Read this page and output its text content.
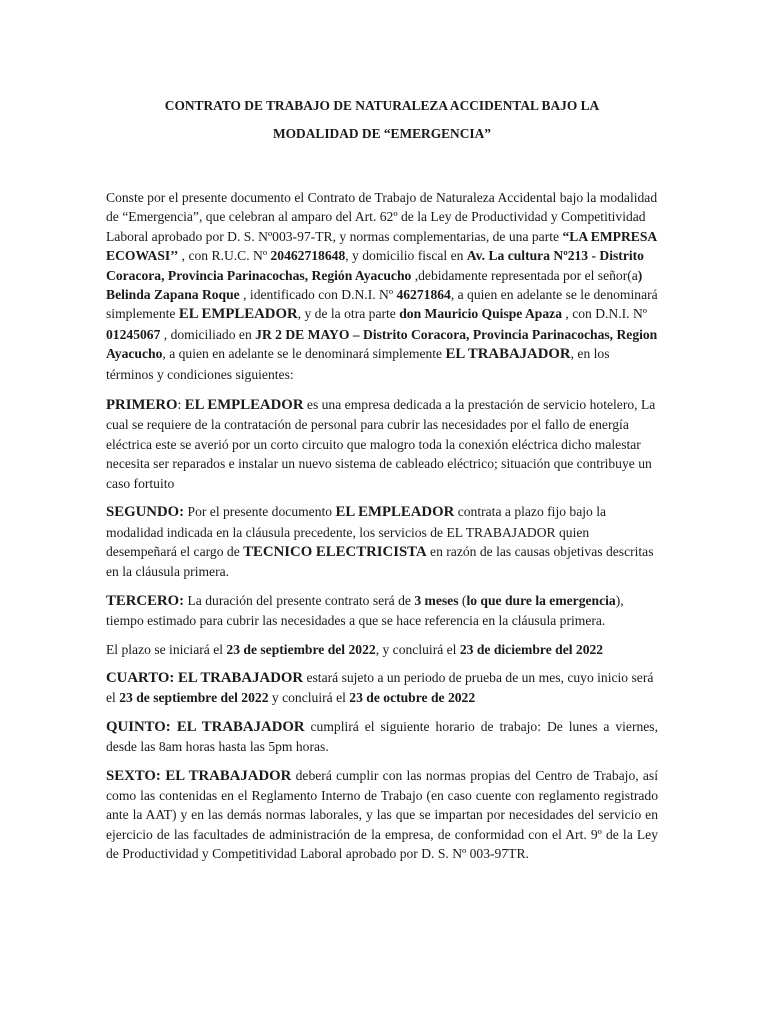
CONTRATO DE TRABAJO DE NATURALEZA ACCIDENTAL BAJO LA

MODALIDAD DE “EMERGENCIA”

Conste por el presente documento el Contrato de Trabajo de Naturaleza Accidental bajo la modalidad de “Emergencia”, que celebran al amparo del Art. 62º de la Ley de Productividad y Competitividad Laboral aprobado por D. S. Nº003-97-TR, y normas complementarias, de una parte “LA EMPRESA ECOWASI’’ , con R.U.C. Nº 20462718648, y domicilio fiscal en Av. La cultura Nº213 - Distrito Coracora, Provincia Parinacochas, Región Ayacucho ,debidamente representada por el señor(a) Belinda Zapana Roque , identificado con D.N.I. Nº 46271864, a quien en adelante se le denominará simplemente EL EMPLEADOR, y de la otra parte don Mauricio Quispe Apaza , con D.N.I. Nº 01245067 , domiciliado en JR 2 DE MAYO – Distrito Coracora, Provincia Parinacochas, Region Ayacucho, a quien en adelante se le denominará simplemente EL TRABAJADOR, en los términos y condiciones siguientes:

PRIMERO: EL EMPLEADOR es una empresa dedicada a la prestación de servicio hotelero, La cual se requiere de la contratación de personal para cubrir las necesidades por el fallo de energía eléctrica este se averió por un corto circuito que malogro toda la conexión eléctrica dicho malestar necesita ser reparados e instalar un nuevo sistema de cableado eléctrico; situación que contribuye un caso fortuito

SEGUNDO: Por el presente documento EL EMPLEADOR contrata a plazo fijo bajo la modalidad indicada en la cláusula precedente, los servicios de EL TRABAJADOR quien desempeñará el cargo de TECNICO ELECTRICISTA en razón de las causas objetivas descritas en la cláusula primera.

TERCERO: La duración del presente contrato será de 3 meses (lo que dure la emergencia), tiempo estimado para cubrir las necesidades a que se hace referencia en la cláusula primera.

El plazo se iniciará el 23 de septiembre del 2022, y concluirá el 23 de diciembre del 2022

CUARTO: EL TRABAJADOR estará sujeto a un periodo de prueba de un mes, cuyo inicio será el 23 de septiembre del 2022 y concluirá el 23 de octubre de 2022

QUINTO: EL TRABAJADOR cumplirá el siguiente horario de trabajo: De lunes a viernes, desde las 8am horas hasta las 5pm horas.

SEXTO: EL TRABAJADOR deberá cumplir con las normas propias del Centro de Trabajo, así como las contenidas en el Reglamento Interno de Trabajo (en caso cuente con reglamento registrado ante la AAT) y en las demás normas laborales, y las que se impartan por necesidades del servicio en ejercicio de las facultades de administración de la empresa, de conformidad con el Art. 9º de la Ley de Productividad y Competitividad Laboral aprobado por D. S. Nº 003-97TR.
